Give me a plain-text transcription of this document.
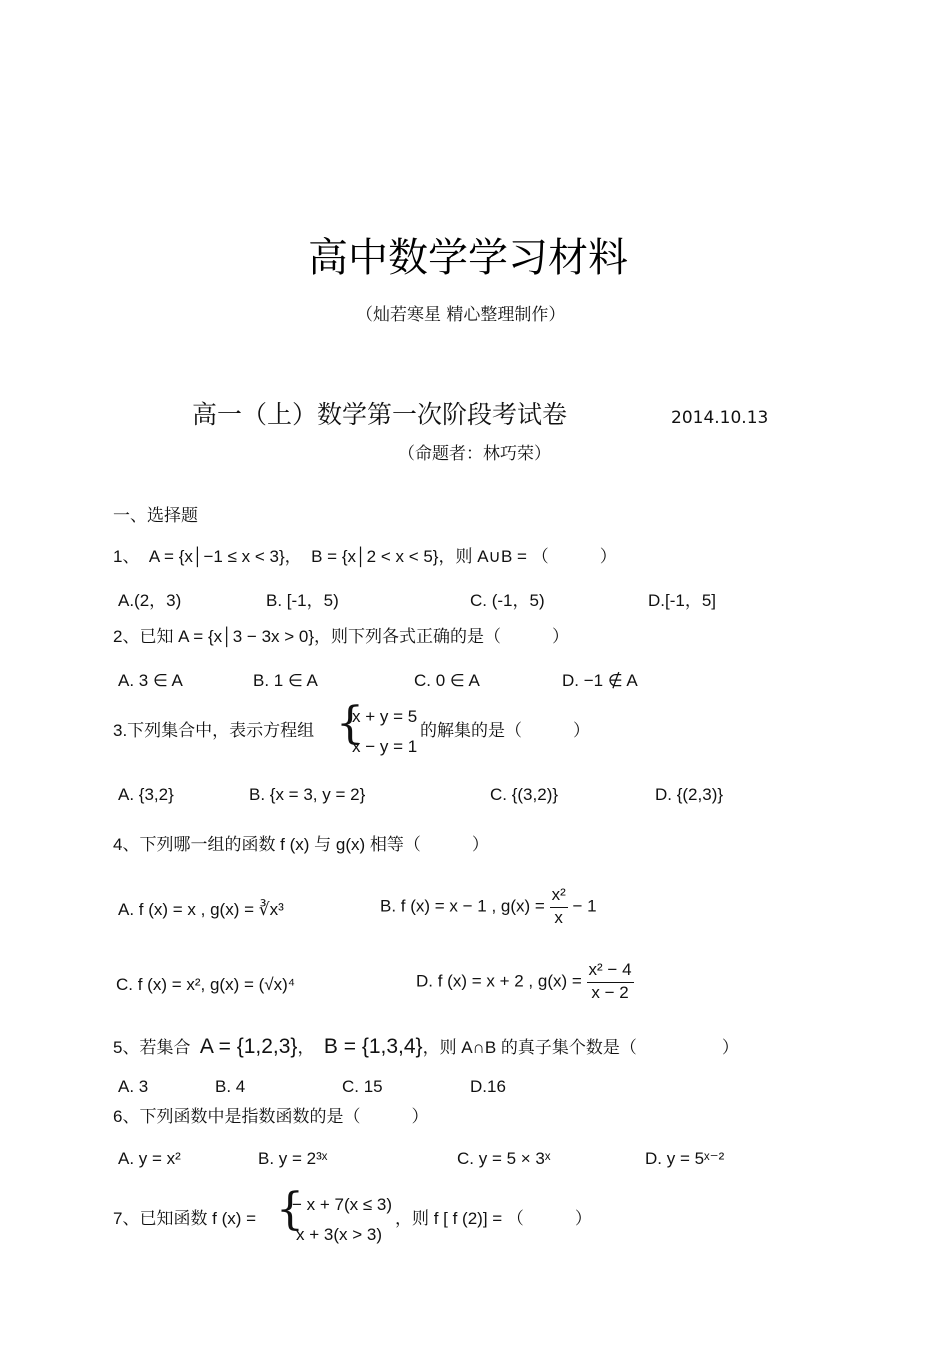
高中数学学习材料
（灿若寒星 精心整理制作）
高一（上）数学第一次阶段考试卷	2014.10.13
（命题者：林巧荣）
一、选择题
1、 A = {x│−1 ≤ x < 3}，  B = {x│2 < x < 5}，则 A∪B = （　　　）
A.(2，3)	B. [-1，5)	C. (-1，5)	D.[-1，5]
2、已知 A = {x│3 − 3x > 0}，则下列各式正确的是（　　　）
A. 3 ∈ A	B. 1 ∈ A	C. 0 ∈ A	D. −1 ∉ A
3.下列集合中，表示方程组 {
x + y = 5
x − y = 1
的解集的是（　　　）
A. {3,2}	B. {x = 3, y = 2}	C. {(3,2)}	D. {(2,3)}
4、下列哪一组的函数 f (x) 与 g(x) 相等（　　　）
A. f (x) = x , g(x) = ∛x³	B. f (x) = x − 1 , $g(x) = \frac{\text{x²}}{x} - 1$
C. f (x) = x², g(x) = (√x)⁴	D. f (x) = x + 2 , $g(x) = \frac{\text{x² − 4}}{x - 2}$
5、若集合 A = {1,2,3}，  B = {1,3,4}，则 A∩B 的真子集个数是（　　　　　）
A. 3	B. 4	C. 15	D.16
6、下列函数中是指数函数的是（　　　）
A. y = x²	B. y = 2³ˣ	C. y = 5 × 3ˣ	D. y = 5ˣ⁻²
7、已知函数 f (x) = {
− x + 7(x ≤ 3)
x + 3(x > 3)
，则 f [ f (2)] = （　　　）
